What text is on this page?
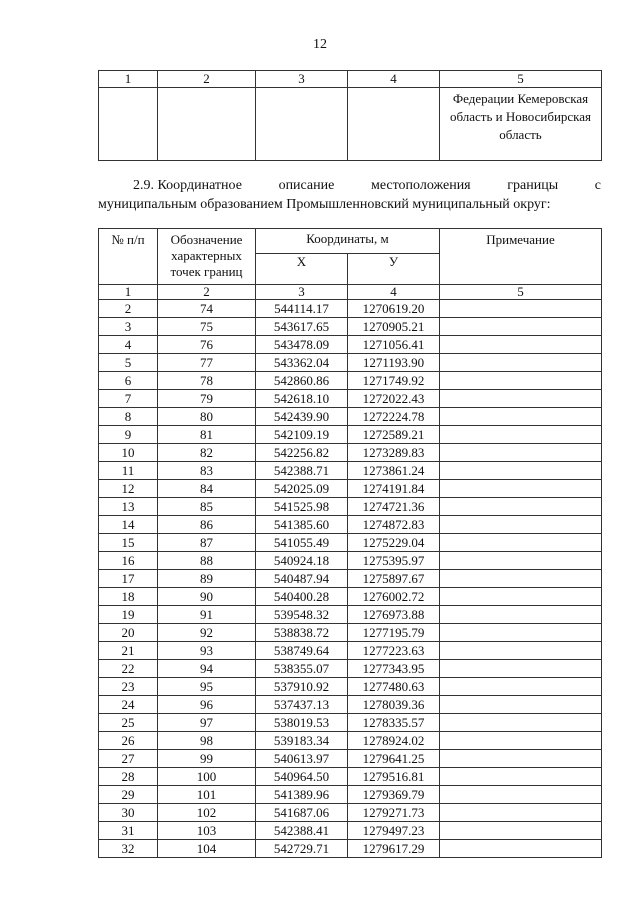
12
1	2	3	4	5
				Федерации Кемеровская область и Новосибирская область
2.9. Координатное	описание	местоположения	границы	с
муниципальным образованием Промышленновский муниципальный округ:
№ п/п	Обозначение характерных точек границ	Координаты, м		Примечание
		X	У	
1	2	3	4	5
2	74	544114.17	1270619.20	
3	75	543617.65	1270905.21	
4	76	543478.09	1271056.41	
5	77	543362.04	1271193.90	
6	78	542860.86	1271749.92	
7	79	542618.10	1272022.43	
8	80	542439.90	1272224.78	
9	81	542109.19	1272589.21	
10	82	542256.82	1273289.83	
11	83	542388.71	1273861.24	
12	84	542025.09	1274191.84	
13	85	541525.98	1274721.36	
14	86	541385.60	1274872.83	
15	87	541055.49	1275229.04	
16	88	540924.18	1275395.97	
17	89	540487.94	1275897.67	
18	90	540400.28	1276002.72	
19	91	539548.32	1276973.88	
20	92	538838.72	1277195.79	
21	93	538749.64	1277223.63	
22	94	538355.07	1277343.95	
23	95	537910.92	1277480.63	
24	96	537437.13	1278039.36	
25	97	538019.53	1278335.57	
26	98	539183.34	1278924.02	
27	99	540613.97	1279641.25	
28	100	540964.50	1279516.81	
29	101	541389.96	1279369.79	
30	102	541687.06	1279271.73	
31	103	542388.41	1279497.23	
32	104	542729.71	1279617.29	
